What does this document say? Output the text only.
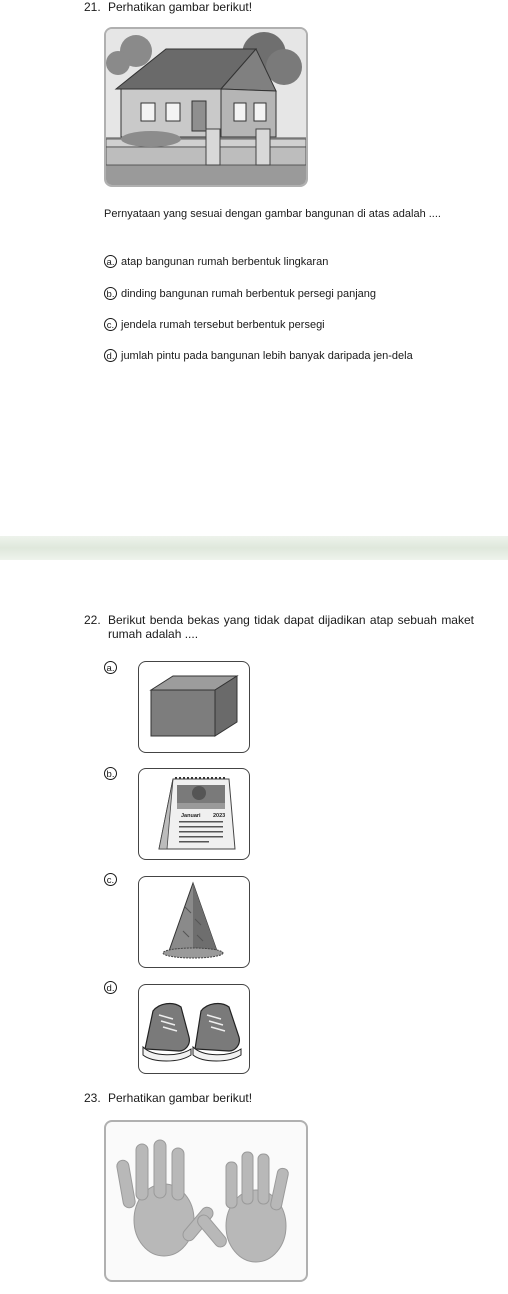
21. Perhatikan gambar berikut!
Pernyataan yang sesuai dengan gambar bangunan di atas adalah ....
a. atap bangunan rumah berbentuk lingkaran
b. dinding bangunan rumah berbentuk persegi panjang
c. jendela rumah tersebut berbentuk persegi
d. jumlah pintu pada bangunan lebih banyak daripada jen-dela
22. Berikut benda bekas yang tidak dapat dijadikan atap sebuah maket rumah adalah ....
a.
b.
Januari 2023
c.
d.
23. Perhatikan gambar berikut!
